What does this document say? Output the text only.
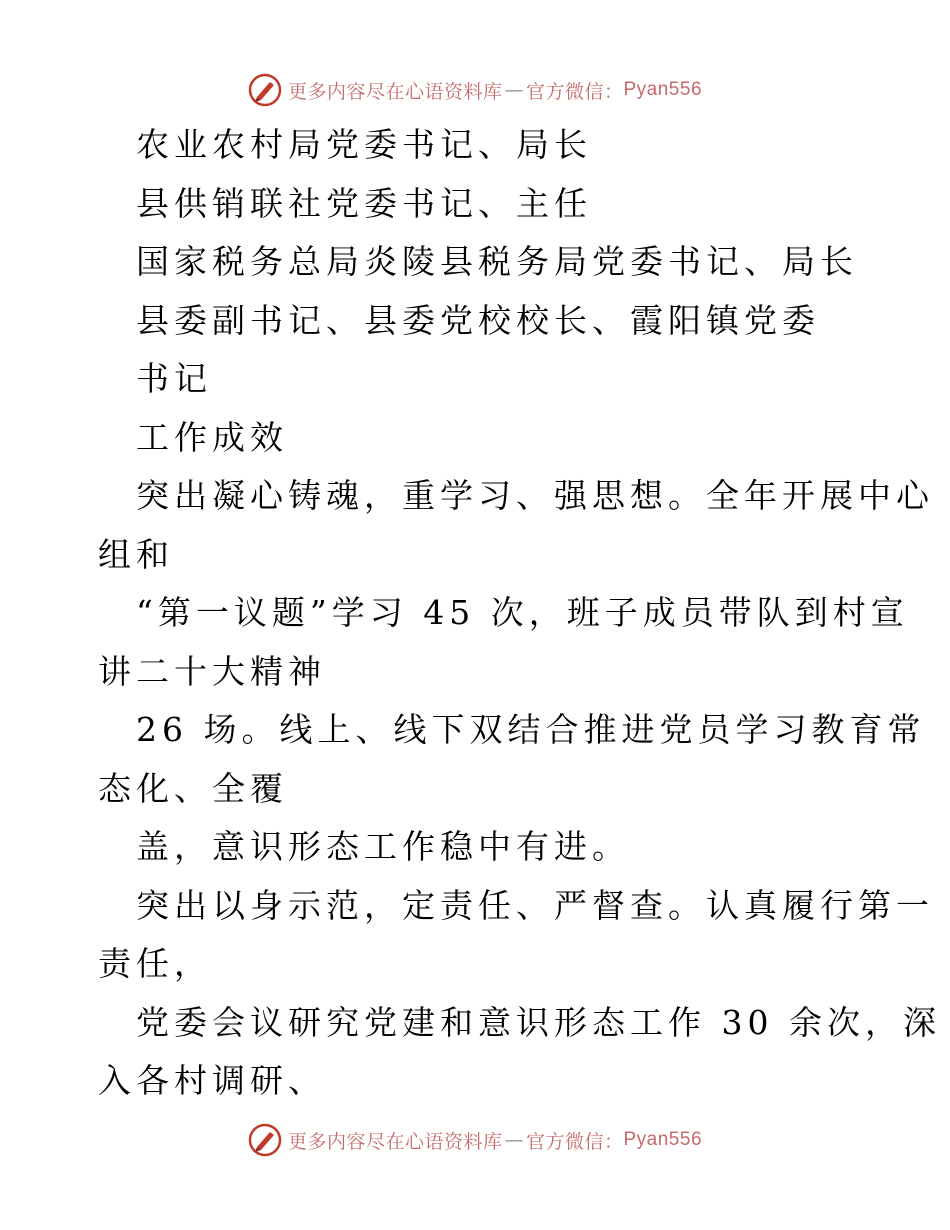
更多内容尽在心语资料库 — 官方微信： Pyan556
农业农村局党委书记、局长
县供销联社党委书记、主任
国家税务总局炎陵县税务局党委书记、局长
县委副书记、县委党校校长、霞阳镇党委
书记
工作成效
突出凝心铸魂，重学习、强思想。全年开展中心
组和
“第一议题”学习 45 次，班子成员带队到村宣
讲二十大精神
26 场。线上、线下双结合推进党员学习教育常
态化、全覆
盖，意识形态工作稳中有进。
突出以身示范，定责任、严督查。认真履行第一
责任，
党委会议研究党建和意识形态工作 30 余次，深
入各村调研、
更多内容尽在心语资料库 — 官方微信： Pyan556
